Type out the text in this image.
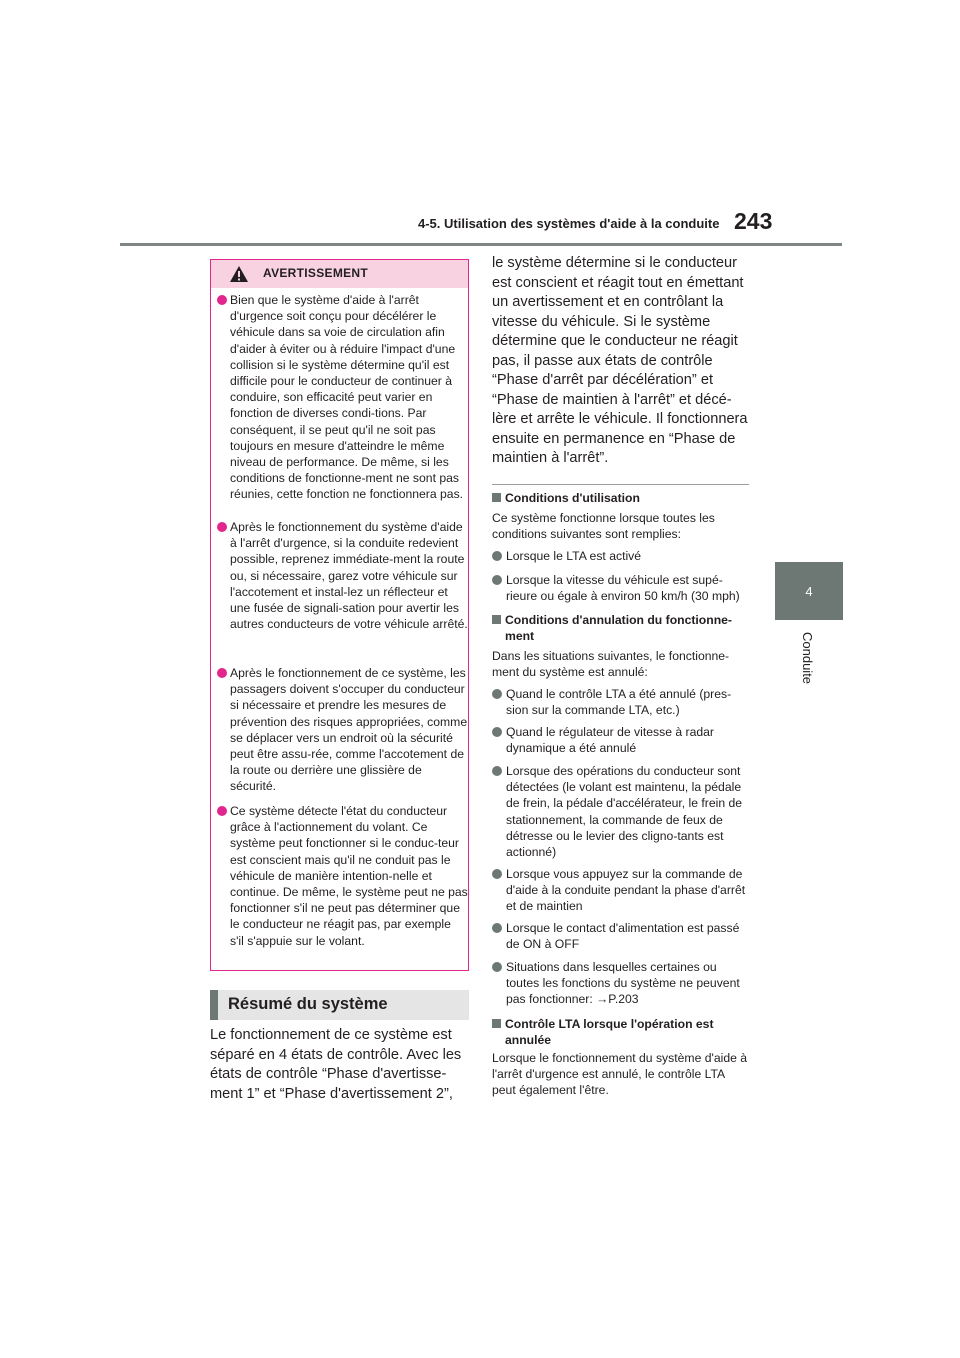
4-5. Utilisation des systèmes d'aide à la conduite 243
4
Conduite
AVERTISSEMENT
Bien que le système d'aide à l'arrêt d'urgence soit conçu pour décélérer le véhicule dans sa voie de circulation afin d'aider à éviter ou à réduire l'impact d'une collision si le système détermine qu'il est difficile pour le conducteur de continuer à conduire, son efficacité peut varier en fonction de diverses condi-tions. Par conséquent, il se peut qu'il ne soit pas toujours en mesure d'atteindre le même niveau de performance. De même, si les conditions de fonctionne-ment ne sont pas réunies, cette fonction ne fonctionnera pas.
Après le fonctionnement du système d'aide à l'arrêt d'urgence, si la conduite redevient possible, reprenez immédiate-ment la route ou, si nécessaire, garez votre véhicule sur l'accotement et instal-lez un réflecteur et une fusée de signali-sation pour avertir les autres conducteurs de votre véhicule arrêté.
Après le fonctionnement de ce système, les passagers doivent s'occuper du conducteur si nécessaire et prendre les mesures de prévention des risques appropriées, comme se déplacer vers un endroit où la sécurité peut être assu-rée, comme l'accotement de la route ou derrière une glissière de sécurité.
Ce système détecte l'état du conducteur grâce à l'actionnement du volant. Ce système peut fonctionner si le conduc-teur est conscient mais qu'il ne conduit pas le véhicule de manière intention-nelle et continue. De même, le système peut ne pas fonctionner s'il ne peut pas déterminer que le conducteur ne réagit pas, par exemple s'il s'appuie sur le volant.
Résumé du système
Le fonctionnement de ce système est séparé en 4 états de contrôle. Avec les états de contrôle “Phase d'avertisse-ment 1” et “Phase d'avertissement 2”,
le système détermine si le conducteur est conscient et réagit tout en émettant un avertissement et en contrôlant la vitesse du véhicule. Si le système détermine que le conducteur ne réagit pas, il passe aux états de contrôle “Phase d'arrêt par décélération” et “Phase de maintien à l'arrêt” et décé-lère et arrête le véhicule. Il fonctionnera ensuite en permanence en “Phase de maintien à l'arrêt”.
Conditions d'utilisation
Ce système fonctionne lorsque toutes les conditions suivantes sont remplies:
Lorsque le LTA est activé
Lorsque la vitesse du véhicule est supé-rieure ou égale à environ 50 km/h (30 mph)
Conditions d'annulation du fonctionne-ment
Dans les situations suivantes, le fonctionne-ment du système est annulé:
Quand le contrôle LTA a été annulé (pres-sion sur la commande LTA, etc.)
Quand le régulateur de vitesse à radar dynamique a été annulé
Lorsque des opérations du conducteur sont détectées (le volant est maintenu, la pédale de frein, la pédale d'accélérateur, le frein de stationnement, la commande de feux de détresse ou le levier des cligno-tants est actionné)
Lorsque vous appuyez sur la commande de d'aide à la conduite pendant la phase d'arrêt et de maintien
Lorsque le contact d'alimentation est passé de ON à OFF
Situations dans lesquelles certaines ou toutes les fonctions du système ne peuvent pas fonctionner: →P.203
Contrôle LTA lorsque l'opération est annulée
Lorsque le fonctionnement du système d'aide à l'arrêt d'urgence est annulé, le contrôle LTA peut également l'être.
